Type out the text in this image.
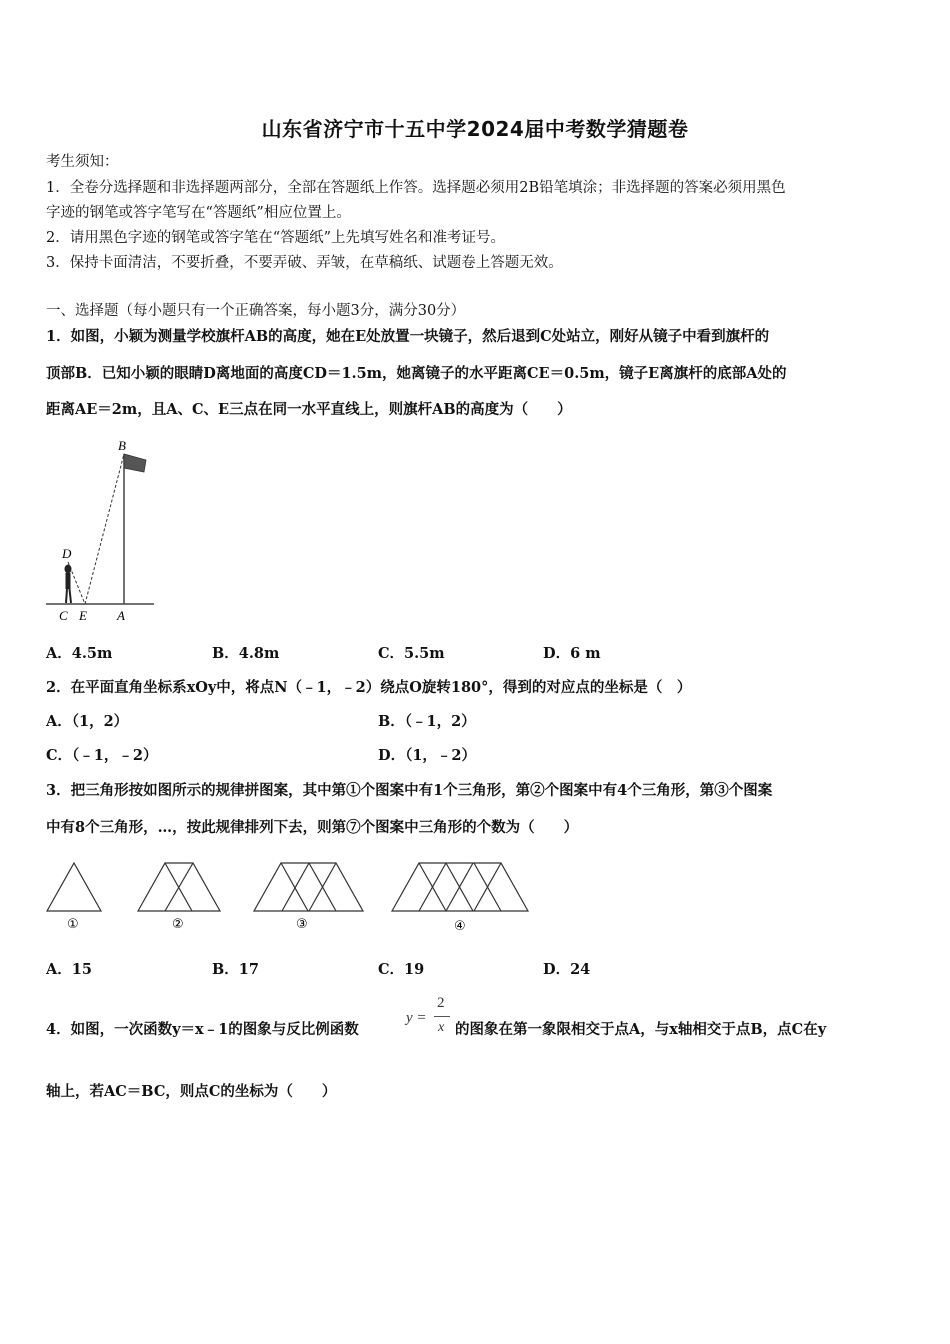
山东省济宁市十五中学2024届中考数学猜题卷
考生须知：
1．全卷分选择题和非选择题两部分，全部在答题纸上作答。选择题必须用2B铅笔填涂；非选择题的答案必须用黑色
字迹的钢笔或答字笔写在“答题纸”相应位置上。
2．请用黑色字迹的钢笔或答字笔在“答题纸”上先填写姓名和准考证号。
3．保持卡面清洁，不要折叠，不要弄破、弄皱，在草稿纸、试题卷上答题无效。
一、选择题（每小题只有一个正确答案，每小题3分，满分30分）
1．如图，小颖为测量学校旗杆AB的高度，她在E处放置一块镜子，然后退到C处站立，刚好从镜子中看到旗杆的
顶部B．已知小颖的眼睛D离地面的高度CD＝1.5m，她离镜子的水平距离CE＝0.5m，镜子E离旗杆的底部A处的
距离AE＝2m，且A、C、E三点在同一水平直线上，则旗杆AB的高度为（　　）
B
D
C E A
A．4.5m	B．4.8m	C．5.5m	D．6 m
2．在平面直角坐标系xOy中，将点N（﹣1，﹣2）绕点O旋转180°，得到的对应点的坐标是（　）
A．（1，2）	B．（﹣1，2）
C．（﹣1，﹣2）	D．（1，﹣2）
3．把三角形按如图所示的规律拼图案，其中第①个图案中有1个三角形，第②个图案中有4个三角形，第③个图案
中有8个三角形，…，按此规律排列下去，则第⑦个图案中三角形的个数为（　　）
①	②	③	④
A．15	B．17	C．19	D．24
4．如图，一次函数y＝x﹣1的图象与反比例函数
y =
2
x 的图象在第一象限相交于点A，与x轴相交于点B，点C在y
轴上，若AC＝BC，则点C的坐标为（　　）
